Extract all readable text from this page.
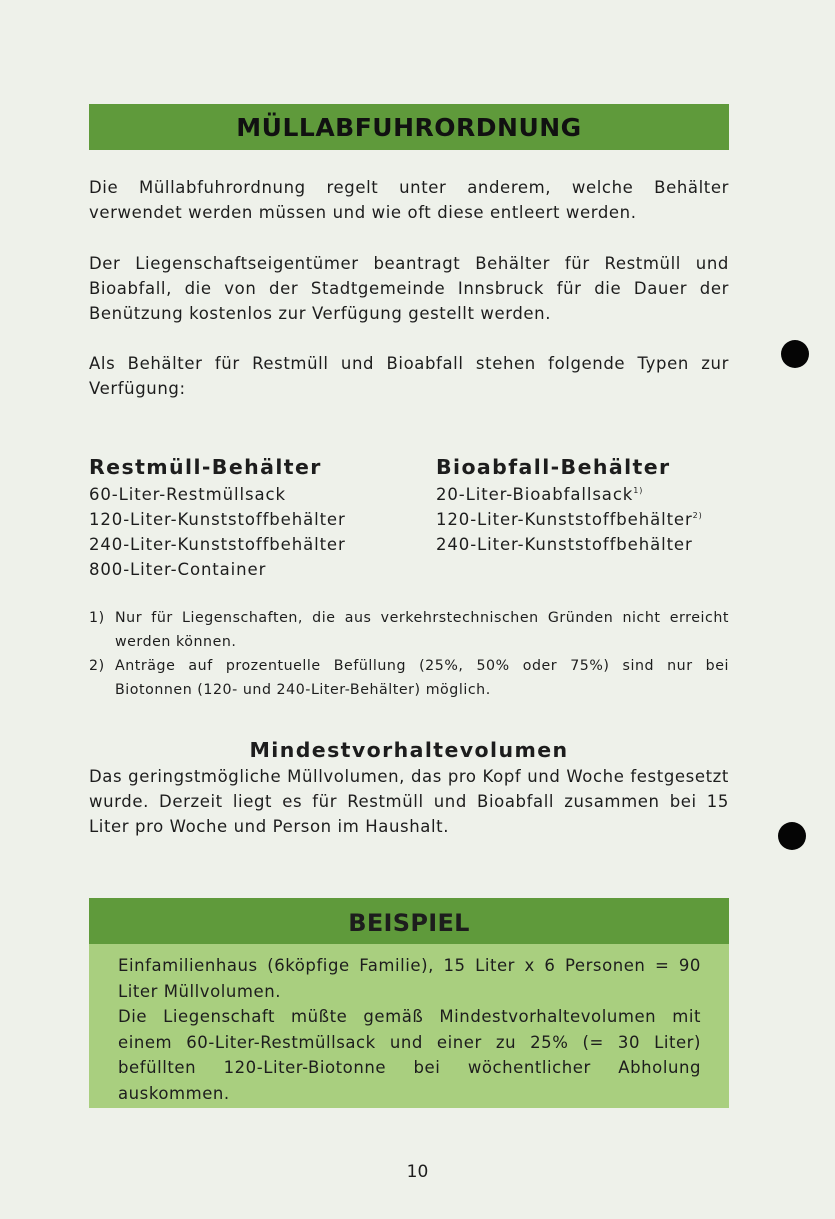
MÜLLABFUHRORDNUNG

Die Müllabfuhrordnung regelt unter anderem, welche Behälter verwendet werden müssen und wie oft diese entleert werden.

Der Liegenschaftseigentümer beantragt Behälter für Restmüll und Bioabfall, die von der Stadtgemeinde Innsbruck für die Dauer der Benützung kostenlos zur Verfügung gestellt werden.

Als Behälter für Restmüll und Bioabfall stehen folgende Typen zur Verfügung:

Restmüll-Behälter
60-Liter-Restmüllsack
120-Liter-Kunststoffbehälter
240-Liter-Kunststoffbehälter
800-Liter-Container
Bioabfall-Behälter
20-Liter-Bioabfallsack$^{1)}$
120-Liter-Kunststoffbehälter$^{2)}$
240-Liter-Kunststoffbehälter
1) Nur für Liegenschaften, die aus verkehrstechnischen Gründen nicht erreicht werden können.
2) Anträge auf prozentuelle Befüllung (25%, 50% oder 75%) sind nur bei Biotonnen (120- und 240-Liter-Behälter) möglich.
Mindestvorhaltevolumen

Das geringstmögliche Müllvolumen, das pro Kopf und Woche festgesetzt wurde. Derzeit liegt es für Restmüll und Bioabfall zusammen bei 15 Liter pro Woche und Person im Haushalt.

BEISPIEL

Einfamilienhaus (6köpfige Familie), 15 Liter x 6 Personen = 90 Liter Müllvolumen.

Die Liegenschaft müßte gemäß Mindestvorhaltevolumen mit einem 60-Liter-Restmüllsack und einer zu 25% (= 30 Liter) befüllten 120-Liter-Biotonne bei wöchentlicher Abholung auskommen.

10
